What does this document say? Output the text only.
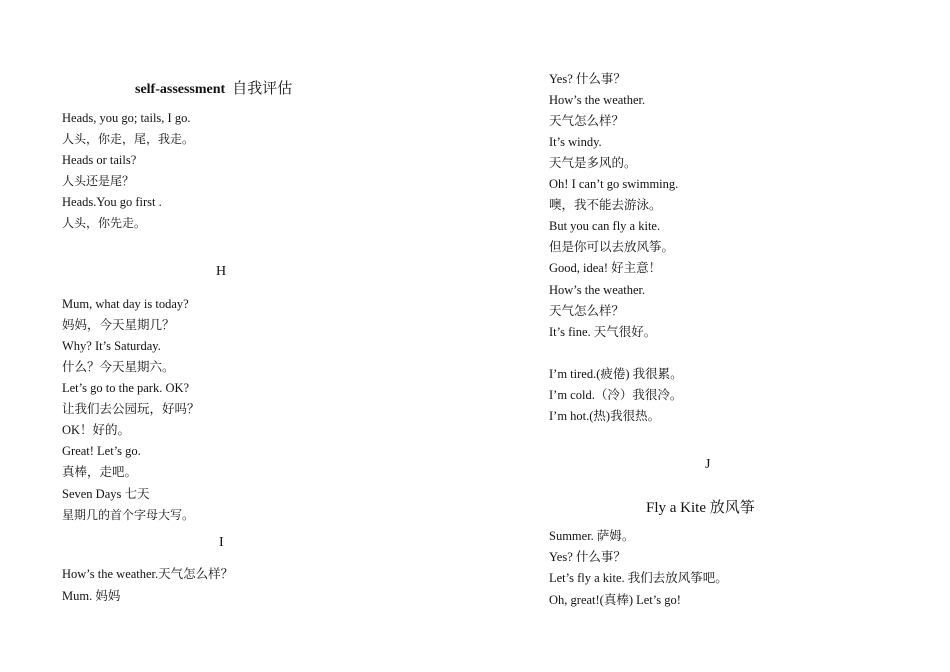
self-assessment 自我评估
Heads, you go; tails, I go.
人头，你走，尾，我走。
Heads or tails?
人头还是尾？
Heads.You go first .
人头，你先走。
H
Mum, what day is today?
妈妈，今天星期几？
Why? It’s Saturday.
什么？今天星期六。
Let’s go to the park. OK?
让我们去公园玩，好吗？
OK！好的。
Great! Let’s go.
真棒，走吧。
Seven Days 七天
星期几的首个字母大写。
I
How’s the weather.天气怎么样？
Mum. 妈妈
Yes? 什么事？
How’s the weather.
天气怎么样？
It’s windy.
天气是多风的。
Oh! I can’t go swimming.
噢，我不能去游泳。
But you can fly a kite.
但是你可以去放风筝。
Good, idea! 好主意！
How’s the weather.
天气怎么样？
It’s fine. 天气很好。
I’m tired.(疲倦) 我很累。
I’m cold.（冷）我很冷。
I’m hot.(热)我很热。
J
Fly a Kite 放风筝
Summer. 萨姆。
Yes? 什么事？
Let’s fly a kite. 我们去放风筝吧。
Oh, great!(真棒) Let’s go!
